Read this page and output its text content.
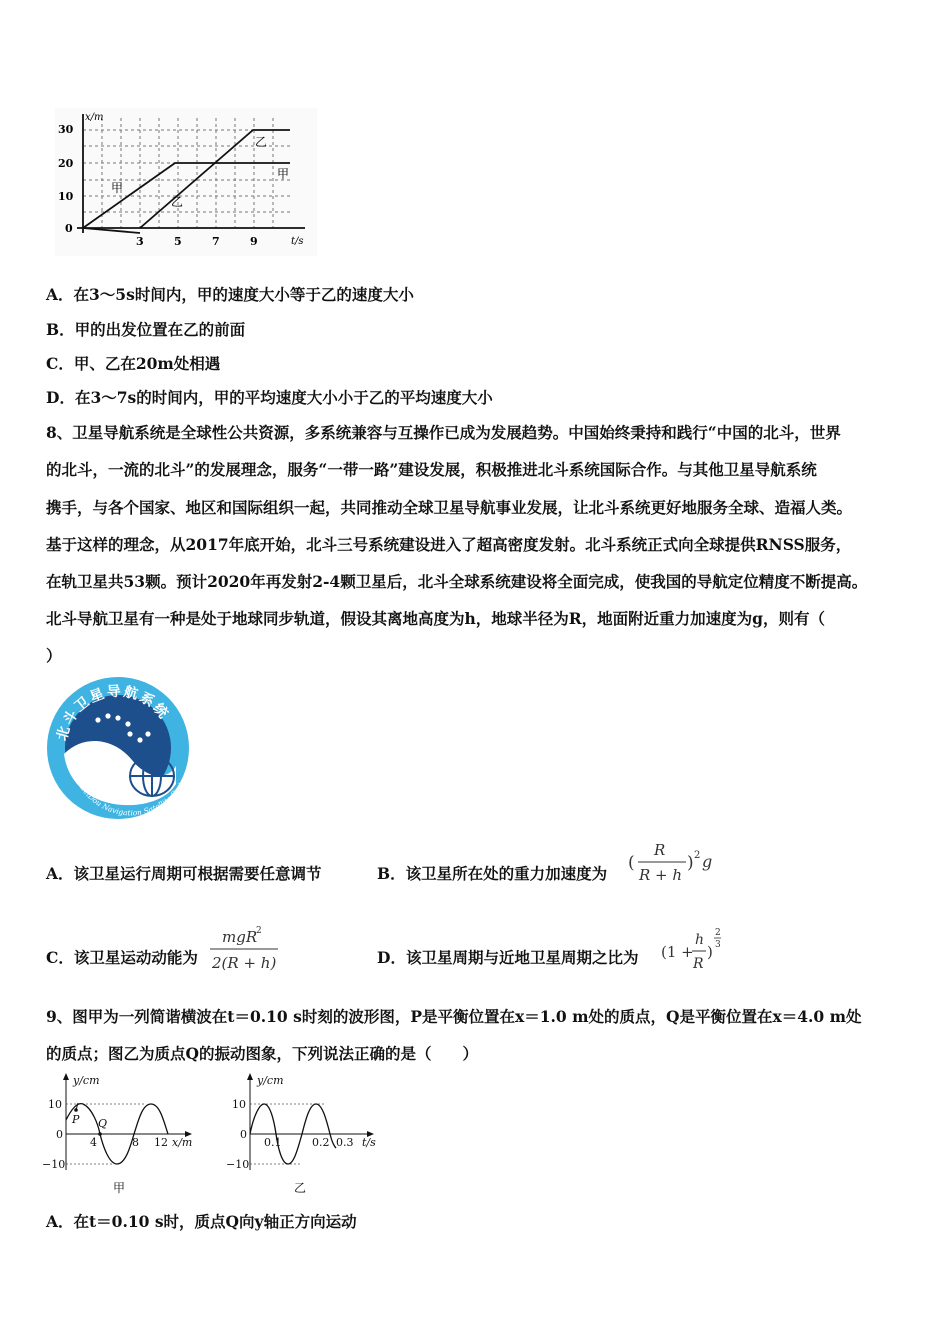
x/m
t/s
30
20
10
0
3	5	7	9
甲
甲
乙
乙
A．在3～5s时间内，甲的速度大小等于乙的速度大小
B．甲的出发位置在乙的前面
C．甲、乙在20m处相遇
D．在3～7s的时间内，甲的平均速度大小小于乙的平均速度大小
8、卫星导航系统是全球性公共资源，多系统兼容与互操作已成为发展趋势。中国始终秉持和践行“中国的北斗，世界
的北斗，一流的北斗”的发展理念，服务“一带一路”建设发展，积极推进北斗系统国际合作。与其他卫星导航系统
携手，与各个国家、地区和国际组织一起，共同推动全球卫星导航事业发展，让北斗系统更好地服务全球、造福人类。
基于这样的理念，从2017年底开始，北斗三号系统建设进入了超高密度发射。北斗系统正式向全球提供RNSS服务，
在轨卫星共53颗。预计2020年再发射2-4颗卫星后，北斗全球系统建设将全面完成，使我国的导航定位精度不断提高。
北斗导航卫星有一种是处于地球同步轨道，假设其离地高度为h，地球半径为R，地面附近重力加速度为g，则有（
）
北斗卫星导航系统
BeiDou Navigation Satellite System
A．该卫星运行周期可根据需要任意调节	B．该卫星所在处的重力加速度为
(
R
R + h
) 2 g
C．该卫星运动动能为
mgR
2
2(R + h)	D．该卫星周期与近地卫星周期之比为 (1 +
h
R
)
2
3
9、图甲为一列简谐横波在t＝0.10 s时刻的波形图，P是平衡位置在x＝1.0 m处的质点，Q是平衡位置在x＝4.0 m处
的质点；图乙为质点Q的振动图象，下列说法正确的是（　　）
y/cm
x/m
10
0
−10
4	8 12
P Q
甲
y/cm
t/s
10
0
−10
0.1	0.2 0.3
乙
A．在t＝0.10 s时，质点Q向y轴正方向运动
